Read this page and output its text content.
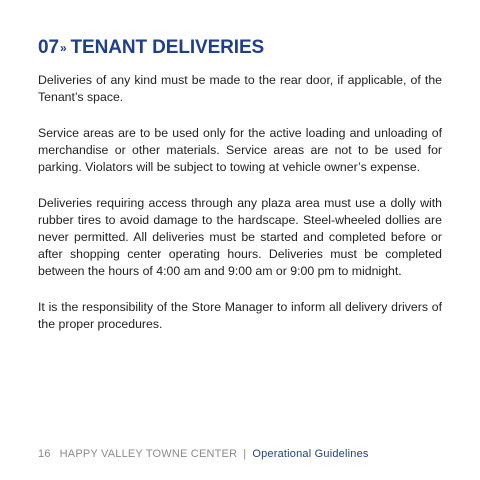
07» TENANT DELIVERIES

Deliveries of any kind must be made to the rear door, if applicable, of the Tenant’s space.

Service areas are to be used only for the active loading and unloading of merchandise or other materials. Service areas are not to be used for parking. Violators will be subject to towing at vehicle owner’s expense.

Deliveries requiring access through any plaza area must use a dolly with rubber tires to avoid damage to the hardscape. Steel-wheeled dollies are never permitted. All deliveries must be started and completed before or after shopping center operating hours. Deliveries must be completed between the hours of 4:00 am and 9:00 am or 9:00 pm to midnight.

It is the responsibility of the Store Manager to inform all delivery drivers of the proper procedures.

16 HAPPY VALLEY TOWNE CENTER | Operational Guidelines
